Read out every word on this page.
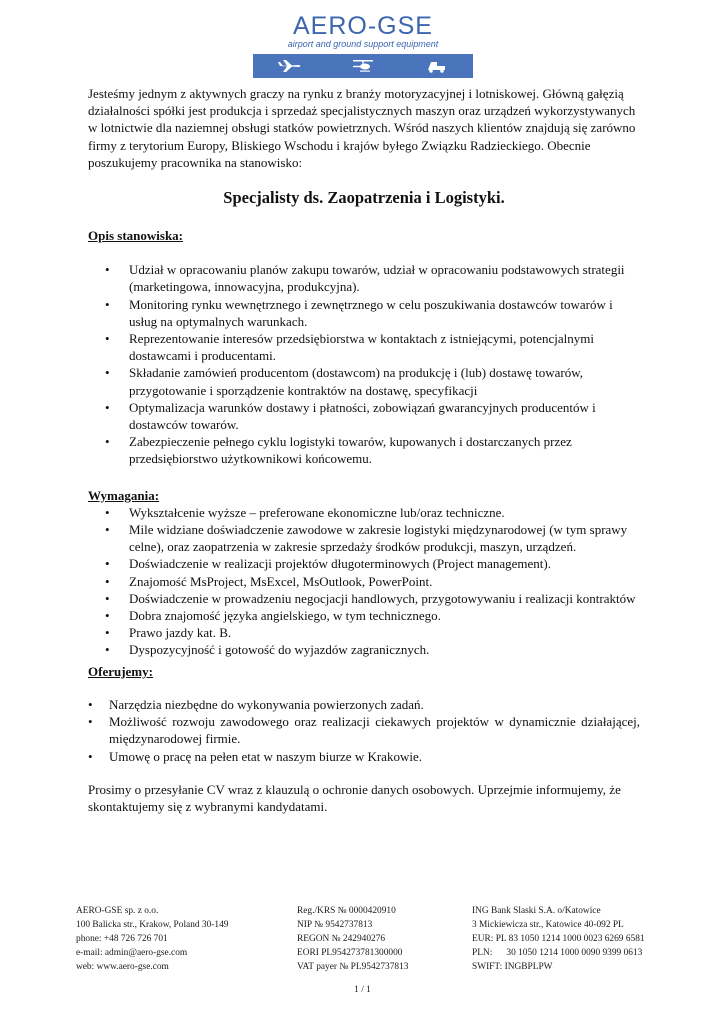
AERO-GSE
airport and ground support equipment

Jesteśmy jednym z aktywnych graczy na rynku z branży motoryzacyjnej i lotniskowej. Główną gałęzią działalności spółki jest produkcja i sprzedaż specjalistycznych maszyn oraz urządzeń wykorzystywanych w lotnictwie dla naziemnej obsługi statków powietrznych. Wśród naszych klientów znajdują się zarówno firmy z terytorium Europy, Bliskiego Wschodu i krajów byłego Związku Radzieckiego. Obecnie poszukujemy pracownika na stanowisko:

Specjalisty ds. Zaopatrzenia i Logistyki.

Opis stanowiska:

• Udział w opracowaniu planów zakupu towarów, udział w opracowaniu podstawowych strategii (marketingowa, innowacyjna, produkcyjna).
• Monitoring rynku wewnętrznego i zewnętrznego w celu poszukiwania dostawców towarów i usług na optymalnych warunkach.
• Reprezentowanie interesów przedsiębiorstwa w kontaktach z istniejącymi, potencjalnymi dostawcami i producentami.
• Składanie zamówień producentom (dostawcom) na produkcję i (lub) dostawę towarów, przygotowanie i sporządzenie kontraktów na dostawę, specyfikacji
• Optymalizacja warunków dostawy i płatności, zobowiązań gwarancyjnych producentów i dostawców towarów.
• Zabezpieczenie pełnego cyklu logistyki towarów, kupowanych i dostarczanych przez przedsiębiorstwo użytkownikowi końcowemu.

Wymagania:

• Wykształcenie wyższe – preferowane ekonomiczne lub/oraz techniczne.
• Mile widziane doświadczenie zawodowe w zakresie logistyki międzynarodowej (w tym sprawy celne), oraz zaopatrzenia w zakresie sprzedaży środków produkcji, maszyn, urządzeń.
• Doświadczenie w realizacji projektów długoterminowych (Project management).
• Znajomość MsProject, MsExcel, MsOutlook, PowerPoint.
• Doświadczenie w prowadzeniu negocjacji handlowych, przygotowywaniu i realizacji kontraktów
• Dobra znajomość języka angielskiego, w tym technicznego.
• Prawo jazdy kat. B.
• Dyspozycyjność i gotowość do wyjazdów zagranicznych.

Oferujemy:

• Narzędzia niezbędne do wykonywania powierzonych zadań.
• Możliwość rozwoju zawodowego oraz realizacji ciekawych projektów w dynamicznie działającej, międzynarodowej firmie.
• Umowę o pracę na pełen etat w naszym biurze w Krakowie.

Prosimy o przesyłanie CV wraz z klauzulą o ochronie danych osobowych. Uprzejmie informujemy, że skontaktujemy się z wybranymi kandydatami.

AERO-GSE sp. z o.o.
100 Balicka str., Krakow, Poland 30-149
phone: +48 726 726 701
e-mail: admin@aero-gse.com
web: www.aero-gse.com
Reg./KRS № 0000420910
NIP № 9542737813
REGON № 242940276
EORI PL954273781300000
VAT payer № PL9542737813
ING Bank Slaski S.A. o/Katowice
3 Mickiewicza str., Katowice 40-092 PL
EUR: PL 83 1050 1214 1000 0023 6269 6581
PLN:      30 1050 1214 1000 0090 9399 0613
SWIFT: INGBPLPW
1 / 1
